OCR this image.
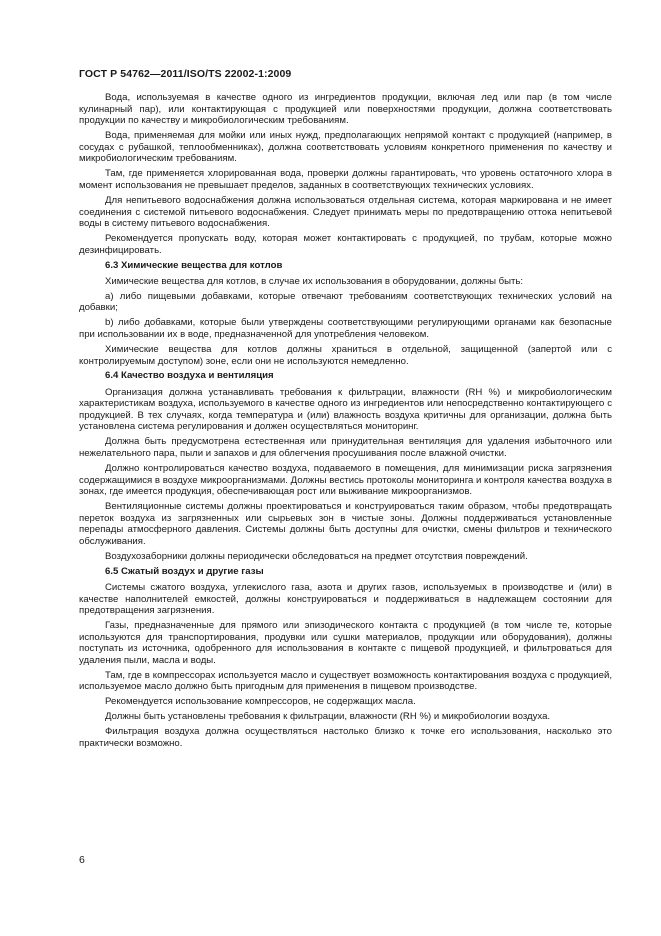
ГОСТ Р 54762—2011/ISO/TS 22002-1:2009

Вода, используемая в качестве одного из ингредиентов продукции, включая лед или пар (в том числе кулинарный пар), или контактирующая с продукцией или поверхностями продукции, должна соответствовать продукции по качеству и микробиологическим требованиям.

Вода, применяемая для мойки или иных нужд, предполагающих непрямой контакт с продукцией (например, в сосудах с рубашкой, теплообменниках), должна соответствовать условиям конкретного применения по качеству и микробиологическим требованиям.

Там, где применяется хлорированная вода, проверки должны гарантировать, что уровень остаточного хлора в момент использования не превышает пределов, заданных в соответствующих технических условиях.

Для непитьевого водоснабжения должна использоваться отдельная система, которая маркирована и не имеет соединения с системой питьевого водоснабжения. Следует принимать меры по предотвращению оттока непитьевой воды в систему питьевого водоснабжения.

Рекомендуется пропускать воду, которая может контактировать с продукцией, по трубам, которые можно дезинфицировать.

6.3 Химические вещества для котлов

Химические вещества для котлов, в случае их использования в оборудовании, должны быть:

a) либо пищевыми добавками, которые отвечают требованиям соответствующих технических условий на добавки;

b) либо добавками, которые были утверждены соответствующими регулирующими органами как безопасные при использовании их в воде, предназначенной для употребления человеком.

Химические вещества для котлов должны храниться в отдельной, защищенной (запертой или с контролируемым доступом) зоне, если они не используются немедленно.

6.4 Качество воздуха и вентиляция

Организация должна устанавливать требования к фильтрации, влажности (RH %) и микробиологическим характеристикам воздуха, используемого в качестве одного из ингредиентов или непосредственно контактирующего с продукцией. В тех случаях, когда температура и (или) влажность воздуха критичны для организации, должна быть установлена система регулирования и должен осуществляться мониторинг.

Должна быть предусмотрена естественная или принудительная вентиляция для удаления избыточного или нежелательного пара, пыли и запахов и для облегчения просушивания после влажной очистки.

Должно контролироваться качество воздуха, подаваемого в помещения, для минимизации риска загрязнения содержащимися в воздухе микроорганизмами. Должны вестись протоколы мониторинга и контроля качества воздуха в зонах, где имеется продукция, обеспечивающая рост или выживание микроорганизмов.

Вентиляционные системы должны проектироваться и конструироваться таким образом, чтобы предотвращать переток воздуха из загрязненных или сырьевых зон в чистые зоны. Должны поддерживаться установленные перепады атмосферного давления. Системы должны быть доступны для очистки, смены фильтров и технического обслуживания.

Воздухозаборники должны периодически обследоваться на предмет отсутствия повреждений.

6.5 Сжатый воздух и другие газы

Системы сжатого воздуха, углекислого газа, азота и других газов, используемых в производстве и (или) в качестве наполнителей емкостей, должны конструироваться и поддерживаться в надлежащем состоянии для предотвращения загрязнения.

Газы, предназначенные для прямого или эпизодического контакта с продукцией (в том числе те, которые используются для транспортирования, продувки или сушки материалов, продукции или оборудования), должны поступать из источника, одобренного для использования в контакте с пищевой продукцией, и фильтроваться для удаления пыли, масла и воды.

Там, где в компрессорах используется масло и существует возможность контактирования воздуха с продукцией, используемое масло должно быть пригодным для применения в пищевом производстве.

Рекомендуется использование компрессоров, не содержащих масла.

Должны быть установлены требования к фильтрации, влажности (RH %) и микробиологии воздуха.

Фильтрация воздуха должна осуществляться настолько близко к точке его использования, насколько это практически возможно.

6
